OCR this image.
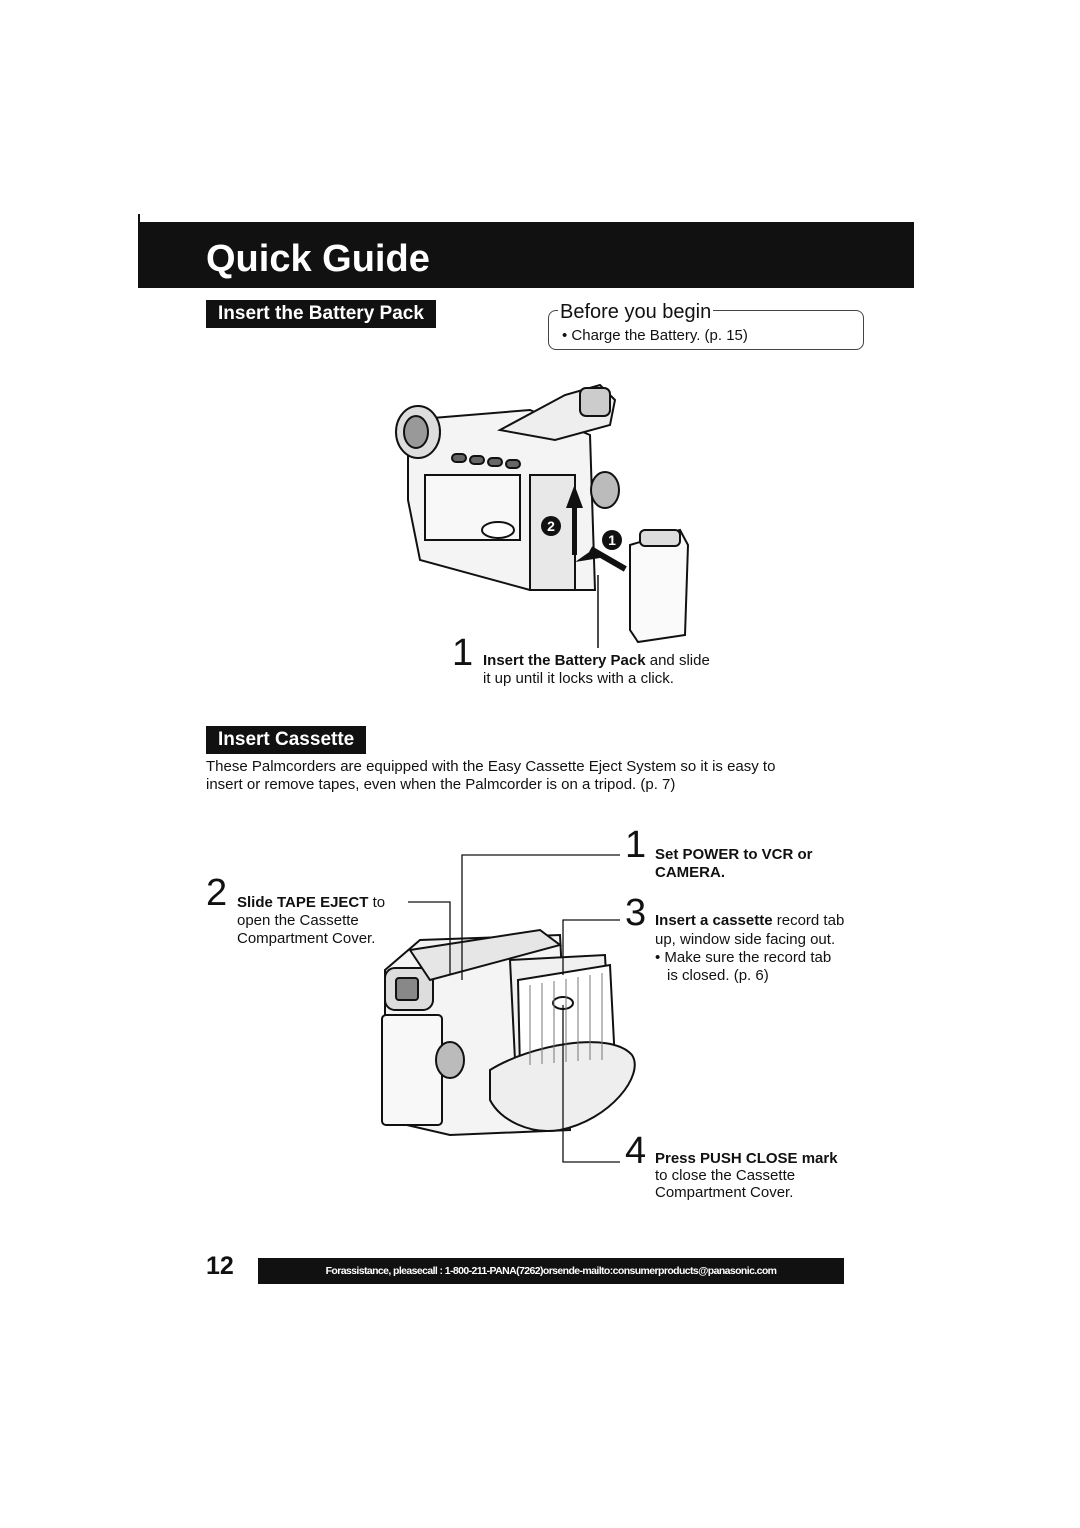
Quick Guide
Insert the Battery Pack	Before you begin
• Charge the Battery. (p. 15)
2
1
1 Insert the Battery Pack and slide
it up until it locks with a click.
Insert Cassette
These Palmcorders are equipped with the Easy Cassette Eject System so it is easy to
insert or remove tapes, even when the Palmcorder is on a tripod. (p. 7)
1 Set POWER to VCR or
CAMERA.
2 Slide TAPE EJECT to
open the Cassette
Compartment Cover.
3 Insert a cassette record tab
up, window side facing out.
• Make sure the record tab
is closed. (p. 6)
4 Press PUSH CLOSE mark
to close the Cassette
Compartment Cover.
12	Forassistance, pleasecall : 1-800-211-PANA(7262)orsende-mailto:consumerproducts@panasonic.com
